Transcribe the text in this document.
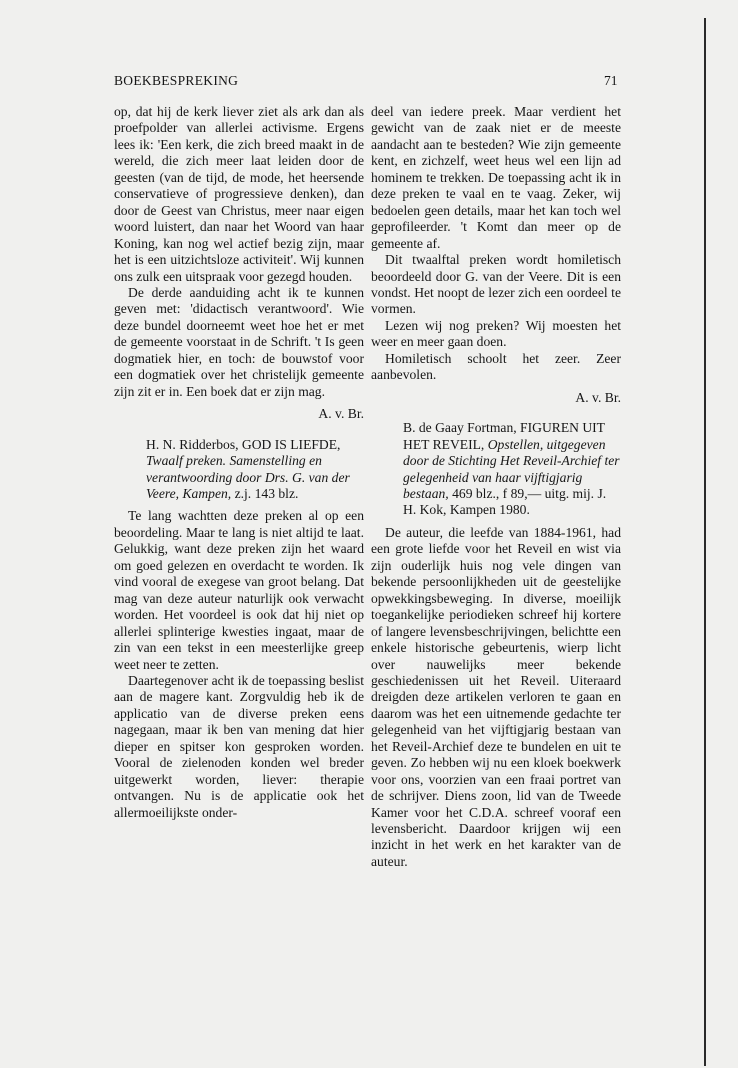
BOEKBESPREKING	71

op, dat hij de kerk liever ziet als ark dan als proefpolder van allerlei activisme. Ergens lees ik: 'Een kerk, die zich breed maakt in de wereld, die zich meer laat leiden door de geesten (van de tijd, de mode, het heersende conservatieve of progressieve denken), dan door de Geest van Christus, meer naar eigen woord luistert, dan naar het Woord van haar Koning, kan nog wel actief bezig zijn, maar het is een uitzichtsloze activiteit'. Wij kunnen ons zulk een uitspraak voor gezegd houden.

De derde aanduiding acht ik te kunnen geven met: 'didactisch verantwoord'. Wie deze bundel doorneemt weet hoe het er met de gemeente voorstaat in de Schrift. 't Is geen dogmatiek hier, en toch: de bouwstof voor een dogmatiek over het christelijk gemeente zijn zit er in. Een boek dat er zijn mag.

A. v. Br.
H. N. Ridderbos, GOD IS LIEFDE, Twaalf preken. Samenstelling en verantwoording door Drs. G. van der Veere, Kampen, z.j. 143 blz.

Te lang wachtten deze preken al op een beoordeling. Maar te lang is niet altijd te laat. Gelukkig, want deze preken zijn het waard om goed gelezen en overdacht te worden. Ik vind vooral de exegese van groot belang. Dat mag van deze auteur naturlijk ook verwacht worden. Het voordeel is ook dat hij niet op allerlei splinterige kwesties ingaat, maar de zin van een tekst in een meesterlijke greep weet neer te zetten.

Daartegenover acht ik de toepassing beslist aan de magere kant. Zorgvuldig heb ik de applicatio van de diverse preken eens nagegaan, maar ik ben van mening dat hier dieper en spitser kon gesproken worden. Vooral de zielenoden konden wel breder uitgewerkt worden, liever: therapie ontvangen. Nu is de applicatie ook het allermoeilijkste onder-

deel van iedere preek. Maar verdient het gewicht van de zaak niet er de meeste aandacht aan te besteden? Wie zijn gemeente kent, en zichzelf, weet heus wel een lijn ad hominem te trekken. De toepassing acht ik in deze preken te vaal en te vaag. Zeker, wij bedoelen geen details, maar het kan toch wel geprofileerder. 't Komt dan meer op de gemeente af.

Dit twaalftal preken wordt homiletisch beoordeeld door G. van der Veere. Dit is een vondst. Het noopt de lezer zich een oordeel te vormen.

Lezen wij nog preken? Wij moesten het weer en meer gaan doen.

Homiletisch schoolt het zeer. Zeer aanbevolen.

A. v. Br.
B. de Gaay Fortman, FIGUREN UIT HET REVEIL, Opstellen, uitgegeven door de Stichting Het Reveil-Archief ter gelegenheid van haar vijftigjarig bestaan, 469 blz., f 89,— uitg. mij. J. H. Kok, Kampen 1980.

De auteur, die leefde van 1884-1961, had een grote liefde voor het Reveil en wist via zijn ouderlijk huis nog vele dingen van bekende persoonlijkheden uit de geestelijke opwekkingsbeweging. In diverse, moeilijk toegankelijke periodieken schreef hij kortere of langere levensbeschrijvingen, belichtte een enkele historische gebeurtenis, wierp licht over nauwelijks meer bekende geschiedenissen uit het Reveil. Uiteraard dreigden deze artikelen verloren te gaan en daarom was het een uitnemende gedachte ter gelegenheid van het vijftigjarig bestaan van het Reveil-Archief deze te bundelen en uit te geven. Zo hebben wij nu een kloek boekwerk voor ons, voorzien van een fraai portret van de schrijver. Diens zoon, lid van de Tweede Kamer voor het C.D.A. schreef vooraf een levensbericht. Daardoor krijgen wij een inzicht in het werk en het karakter van de auteur.
